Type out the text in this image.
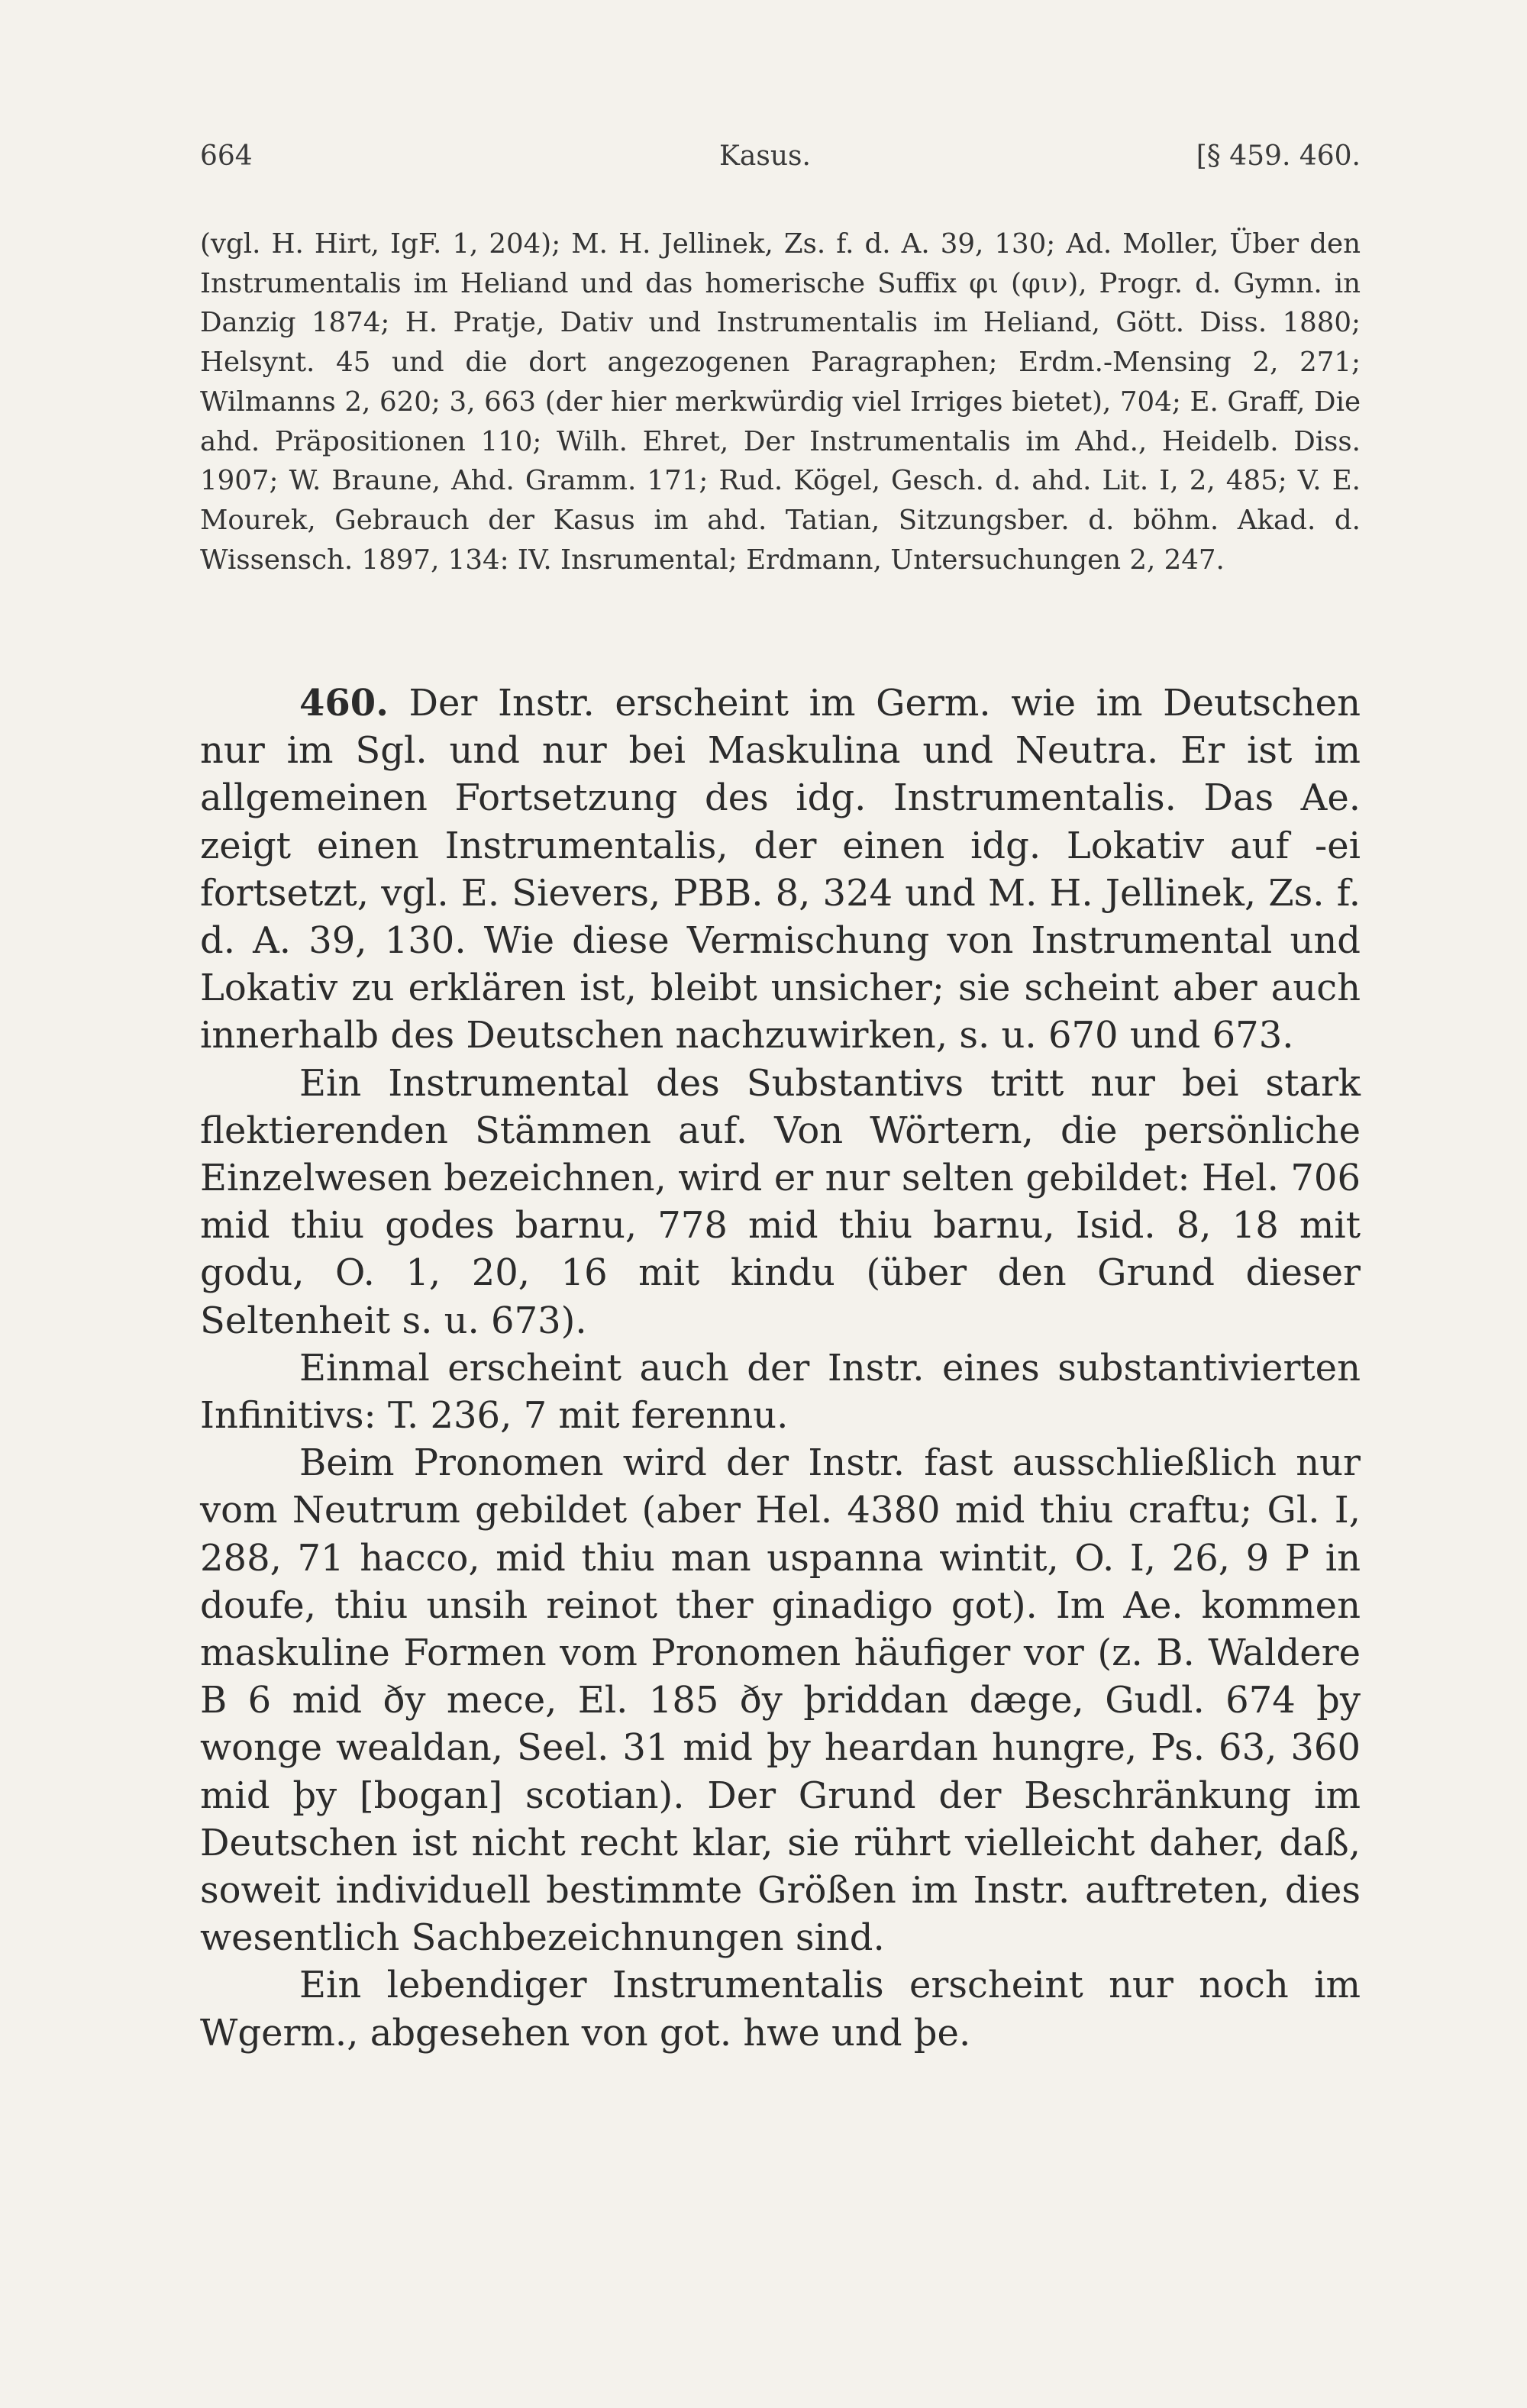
664	Kasus.	[§ 459. 460.

(vgl. H. Hirt, IgF. 1, 204); M. H. Jellinek, Zs. f. d. A. 39, 130; Ad. Moller, Über den Instrumentalis im Heliand und das homerische Suffix φι (φιν), Progr. d. Gymn. in Danzig 1874; H. Pratje, Dativ und Instrumentalis im Heliand, Gött. Diss. 1880; Helsynt. 45 und die dort angezogenen Paragraphen; Erdm.-Mensing 2, 271; Wilmanns 2, 620; 3, 663 (der hier merkwürdig viel Irriges bietet), 704; E. Graff, Die ahd. Präpositionen 110; Wilh. Ehret, Der Instrumentalis im Ahd., Heidelb. Diss. 1907; W. Braune, Ahd. Gramm. 171; Rud. Kögel, Gesch. d. ahd. Lit. I, 2, 485; V. E. Mourek, Gebrauch der Kasus im ahd. Tatian, Sitzungsber. d. böhm. Akad. d. Wissensch. 1897, 134: IV. Insrumental; Erdmann, Untersuchungen 2, 247.

460. Der Instr. erscheint im Germ. wie im Deutschen nur im Sgl. und nur bei Maskulina und Neutra. Er ist im allgemeinen Fortsetzung des idg. Instrumentalis. Das Ae. zeigt einen Instrumentalis, der einen idg. Lokativ auf -ei fortsetzt, vgl. E. Sievers, PBB. 8, 324 und M. H. Jellinek, Zs. f. d. A. 39, 130. Wie diese Vermischung von Instrumental und Lokativ zu erklären ist, bleibt unsicher; sie scheint aber auch innerhalb des Deutschen nachzuwirken, s. u. 670 und 673.

Ein Instrumental des Substantivs tritt nur bei stark flektierenden Stämmen auf. Von Wörtern, die persönliche Einzelwesen bezeichnen, wird er nur selten gebildet: Hel. 706 mid thiu godes barnu, 778 mid thiu barnu, Isid. 8, 18 mit godu, O. 1, 20, 16 mit kindu (über den Grund dieser Seltenheit s. u. 673).

Einmal erscheint auch der Instr. eines substantivierten Infinitivs: T. 236, 7 mit ferennu.

Beim Pronomen wird der Instr. fast ausschließlich nur vom Neutrum gebildet (aber Hel. 4380 mid thiu craftu; Gl. I, 288, 71 hacco, mid thiu man uspanna wintit, O. I, 26, 9 P in doufe, thiu unsih reinot ther ginadigo got). Im Ae. kommen maskuline Formen vom Pronomen häufiger vor (z. B. Waldere B 6 mid ðy mece, El. 185 ðy þriddan dæge, Gudl. 674 þy wonge wealdan, Seel. 31 mid þy heardan hungre, Ps. 63, 360 mid þy [bogan] scotian). Der Grund der Beschränkung im Deutschen ist nicht recht klar, sie rührt vielleicht daher, daß, soweit individuell bestimmte Größen im Instr. auftreten, dies wesentlich Sachbezeichnungen sind.

Ein lebendiger Instrumentalis erscheint nur noch im Wgerm., abgesehen von got. hwe und þe.
